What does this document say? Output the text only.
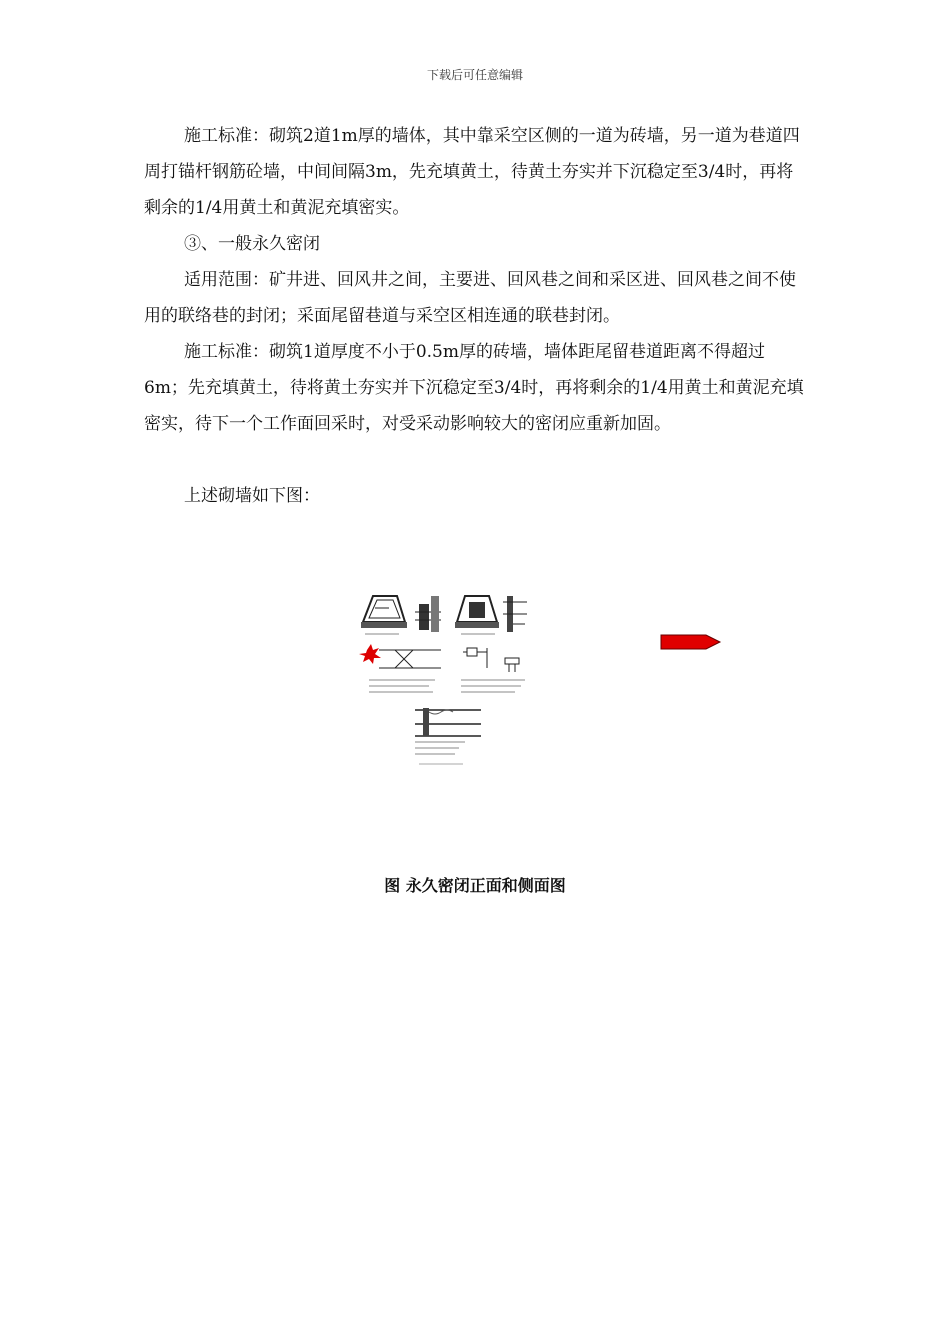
下载后可任意编辑

施工标准：砌筑2道1m厚的墙体，其中靠采空区侧的一道为砖墙，另一道为巷道四周打锚杆钢筋砼墙，中间间隔3m，先充填黄土，待黄土夯实并下沉稳定至3/4时，再将剩余的1/4用黄土和黄泥充填密实。

③、一般永久密闭

适用范围：矿井进、回风井之间，主要进、回风巷之间和采区进、回风巷之间不使用的联络巷的封闭；采面尾留巷道与采空区相连通的联巷封闭。

施工标准：砌筑1道厚度不小于0.5m厚的砖墙，墙体距尾留巷道距离不得超过6m；先充填黄土，待将黄土夯实并下沉稳定至3/4时，再将剩余的1/4用黄土和黄泥充填密实，待下一个工作面回采时，对受采动影响较大的密闭应重新加固。

上述砌墙如下图：

图 永久密闭正面和侧面图
